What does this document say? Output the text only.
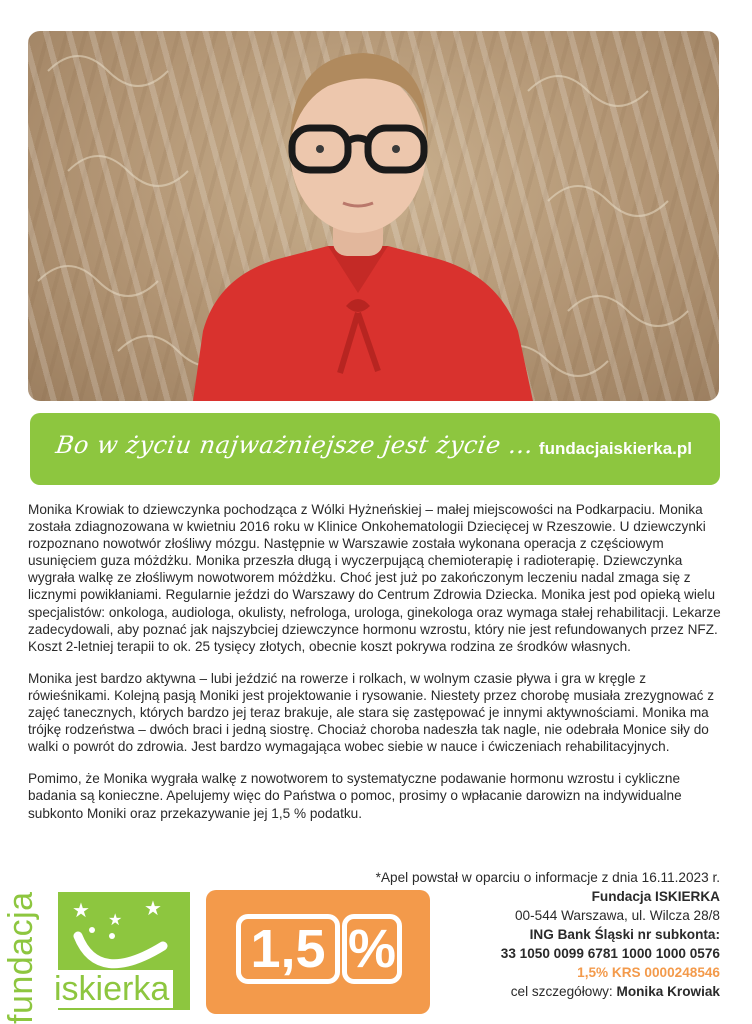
Bo w życiu najważniejsze jest życie ... fundacjaiskierka.pl

Monika Krowiak to dziewczynka pochodząca z Wólki Hyżneńskiej – małej miejscowości na Podkarpaciu. Monika została zdiagnozowana w kwietniu 2016 roku w Klinice Onkohematologii Dziecięcej w Rzeszowie. U dziewczynki rozpoznano nowotwór złośliwy mózgu. Następnie w Warszawie została wykonana operacja z częściowym usunięciem guza móżdżku. Monika przeszła długą i wyczerpującą chemioterapię i radioterapię. Dziewczynka wygrała walkę ze złośliwym nowotworem móżdżku. Choć jest już po zakończonym leczeniu nadal zmaga się z licznymi powikłaniami. Regularnie jeździ do Warszawy do Centrum Zdrowia Dziecka. Monika jest pod opieką wielu specjalistów: onkologa, audiologa, okulisty, nefrologa, urologa, ginekologa oraz wymaga stałej rehabilitacji. Lekarze zadecydowali, aby poznać jak najszybciej dziewczynce hormonu wzrostu, który nie jest refundowanych przez NFZ. Koszt 2-letniej terapii to ok. 25 tysięcy złotych, obecnie koszt pokrywa rodzina ze środków własnych.

Monika jest bardzo aktywna – lubi jeździć na rowerze i rolkach, w wolnym czasie pływa i gra w kręgle z rówieśnikami. Kolejną pasją Moniki jest projektowanie i rysowanie. Niestety przez chorobę musiała zrezygnować z zajęć tanecznych, których bardzo jej teraz brakuje, ale stara się zastępować je innymi aktywnościami. Monika ma trójkę rodzeństwa – dwóch braci i jedną siostrę. Chociaż choroba nadeszła tak nagle, nie odebrała Monice siły do walki o powrót do zdrowia. Jest bardzo wymagająca wobec siebie w nauce i ćwiczeniach rehabilitacyjnych.

Pomimo, że Monika wygrała walkę z nowotworem to systematyczne podawanie hormonu wzrostu i cykliczne badania są konieczne. Apelujemy więc do Państwa o pomoc, prosimy o wpłacanie darowizn na indywidualne subkonto Moniki oraz przekazywanie jej 1,5 % podatku.

*Apel powstał w oparciu o informacje z dnia 16.11.2023 r.
fundacja ★ ★
★
iskierka
1,5 %
Fundacja ISKIERKA
00-544 Warszawa, ul. Wilcza 28/8
ING Bank Śląski nr subkonta:
33 1050 0099 6781 1000 1000 0576
1,5% KRS 0000248546
cel szczegółowy: Monika Krowiak
